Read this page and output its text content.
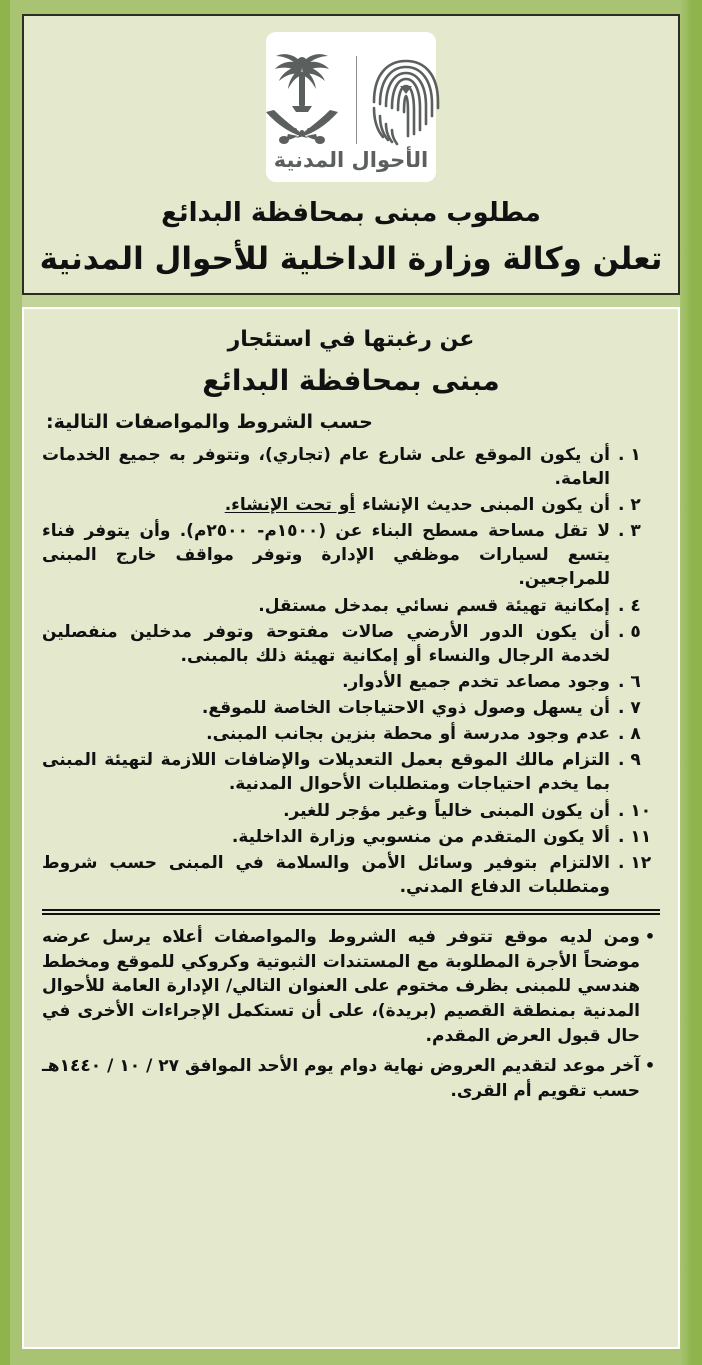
الأحوال المدنية
مطلوب مبنى بمحافظة البدائع
تعلن وكالة وزارة الداخلية للأحوال المدنية
عن رغبتها في استئجار
مبنى بمحافظة البدائع
حسب الشروط والمواصفات التالية:
١ .
أن يكون الموقع على شارع عام (تجاري)، وتتوفر به جميع الخدمات العامة.
٢ .
أن يكون المبنى حديث الإنشاء أو تحت الإنشاء.
٣ .
لا تقل مساحة مسطح البناء عن (١٥٠٠م- ٢٥٠٠م). وأن يتوفر فناء يتسع لسيارات موظفي الإدارة وتوفر مواقف خارج المبنى للمراجعين.
٤ .
إمكانية تهيئة قسم نسائي بمدخل مستقل.
٥ .
أن يكون الدور الأرضي صالات مفتوحة وتوفر مدخلين منفصلين لخدمة الرجال والنساء أو إمكانية تهيئة ذلك بالمبنى.
٦ .
وجود مصاعد تخدم جميع الأدوار.
٧ .
أن يسهل وصول ذوي الاحتياجات الخاصة للموقع.
٨ .
عدم وجود مدرسة أو محطة بنزين بجانب المبنى.
٩ .
التزام مالك الموقع بعمل التعديلات والإضافات اللازمة لتهيئة المبنى بما يخدم احتياجات ومتطلبات الأحوال المدنية.
١٠ .
أن يكون المبنى خالياً وغير مؤجر للغير.
١١ .
ألا يكون المتقدم من منسوبي وزارة الداخلية.
١٢ .
الالتزام بتوفير وسائل الأمن والسلامة في المبنى حسب شروط ومتطلبات الدفاع المدني.
•
ومن لديه موقع تتوفر فيه الشروط والمواصفات أعلاه يرسل عرضه موضحاً الأجرة المطلوبة مع المستندات الثبوتية وكروكي للموقع ومخطط هندسي للمبنى بظرف مختوم على العنوان التالي/ الإدارة العامة للأحوال المدنية بمنطقة القصيم (بريدة)، على أن تستكمل الإجراءات الأخرى في حال قبول العرض المقدم.
•
آخر موعد لتقديم العروض نهاية دوام يوم الأحد الموافق ٢٧ / ١٠ / ١٤٤٠هـ حسب تقويم أم القرى.
